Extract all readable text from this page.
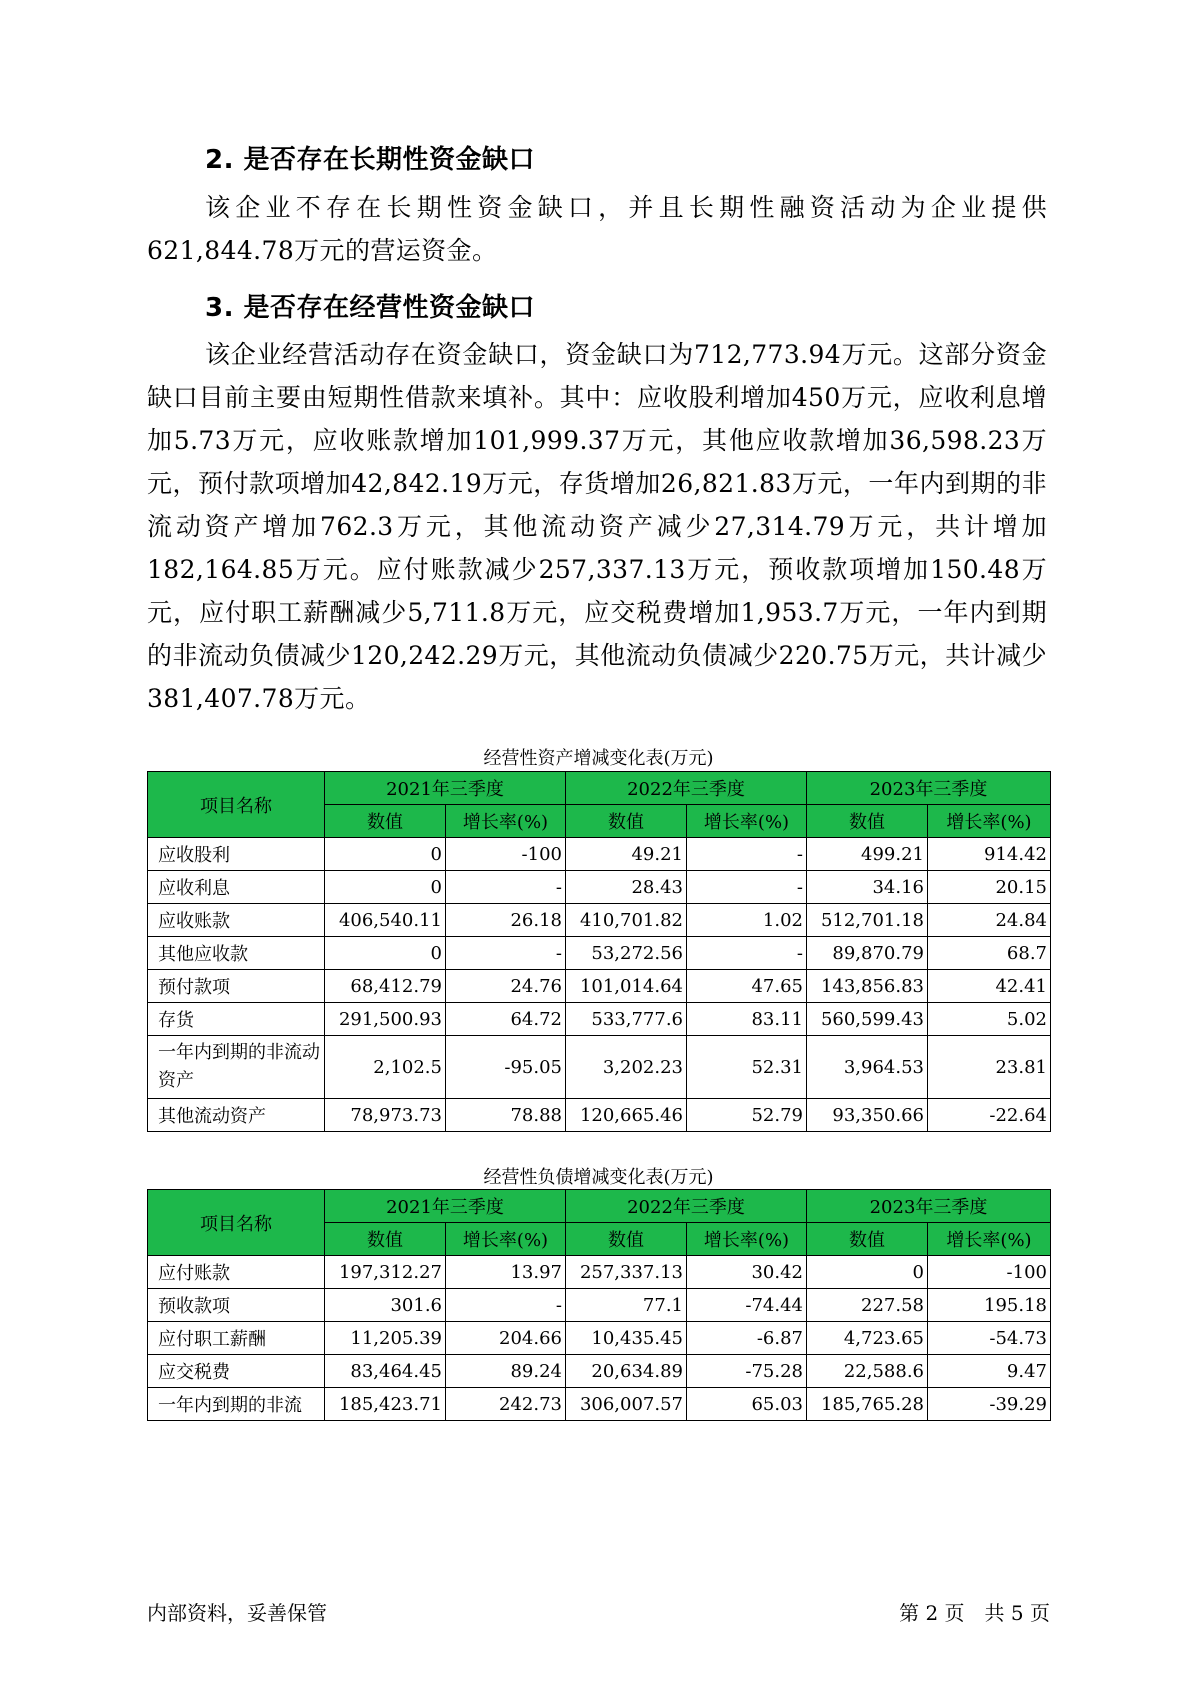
2. 是否存在长期性资金缺口

该企业不存在长期性资金缺口，并且长期性融资活动为企业提供621,844.78万元的营运资金。

3. 是否存在经营性资金缺口

该企业经营活动存在资金缺口，资金缺口为712,773.94万元。这部分资金缺口目前主要由短期性借款来填补。其中：应收股利增加450万元，应收利息增加5.73万元，应收账款增加101,999.37万元，其他应收款增加36,598.23万元，预付款项增加42,842.19万元，存货增加26,821.83万元，一年内到期的非流动资产增加762.3万元，其他流动资产减少27,314.79万元，共计增加182,164.85万元。应付账款减少257,337.13万元，预收款项增加150.48万元，应付职工薪酬减少5,711.8万元，应交税费增加1,953.7万元，一年内到期的非流动负债减少120,242.29万元，其他流动负债减少220.75万元，共计减少381,407.78万元。

经营性资产增减变化表(万元)
项目名称	2021年三季度		2022年三季度		2023年三季度	
	数值	增长率(%)	数值	增长率(%)	数值	增长率(%)
应收股利	0	-100	49.21	-	499.21	914.42
应收利息	0	-	28.43	-	34.16	20.15
应收账款	406,540.11	26.18	410,701.82	1.02	512,701.18	24.84
其他应收款	0	-	53,272.56	-	89,870.79	68.7
预付款项	68,412.79	24.76	101,014.64	47.65	143,856.83	42.41
存货	291,500.93	64.72	533,777.6	83.11	560,599.43	5.02
一年内到期的非流动资产	2,102.5	-95.05	3,202.23	52.31	3,964.53	23.81
其他流动资产	78,973.73	78.88	120,665.46	52.79	93,350.66	-22.64
经营性负债增减变化表(万元)
项目名称	2021年三季度		2022年三季度		2023年三季度	
	数值	增长率(%)	数值	增长率(%)	数值	增长率(%)
应付账款	197,312.27	13.97	257,337.13	30.42	0	-100
预收款项	301.6	-	77.1	-74.44	227.58	195.18
应付职工薪酬	11,205.39	204.66	10,435.45	-6.87	4,723.65	-54.73
应交税费	83,464.45	89.24	20,634.89	-75.28	22,588.6	9.47
一年内到期的非流	185,423.71	242.73	306,007.57	65.03	185,765.28	-39.29
内部资料，妥善保管	第 2 页　共 5 页
